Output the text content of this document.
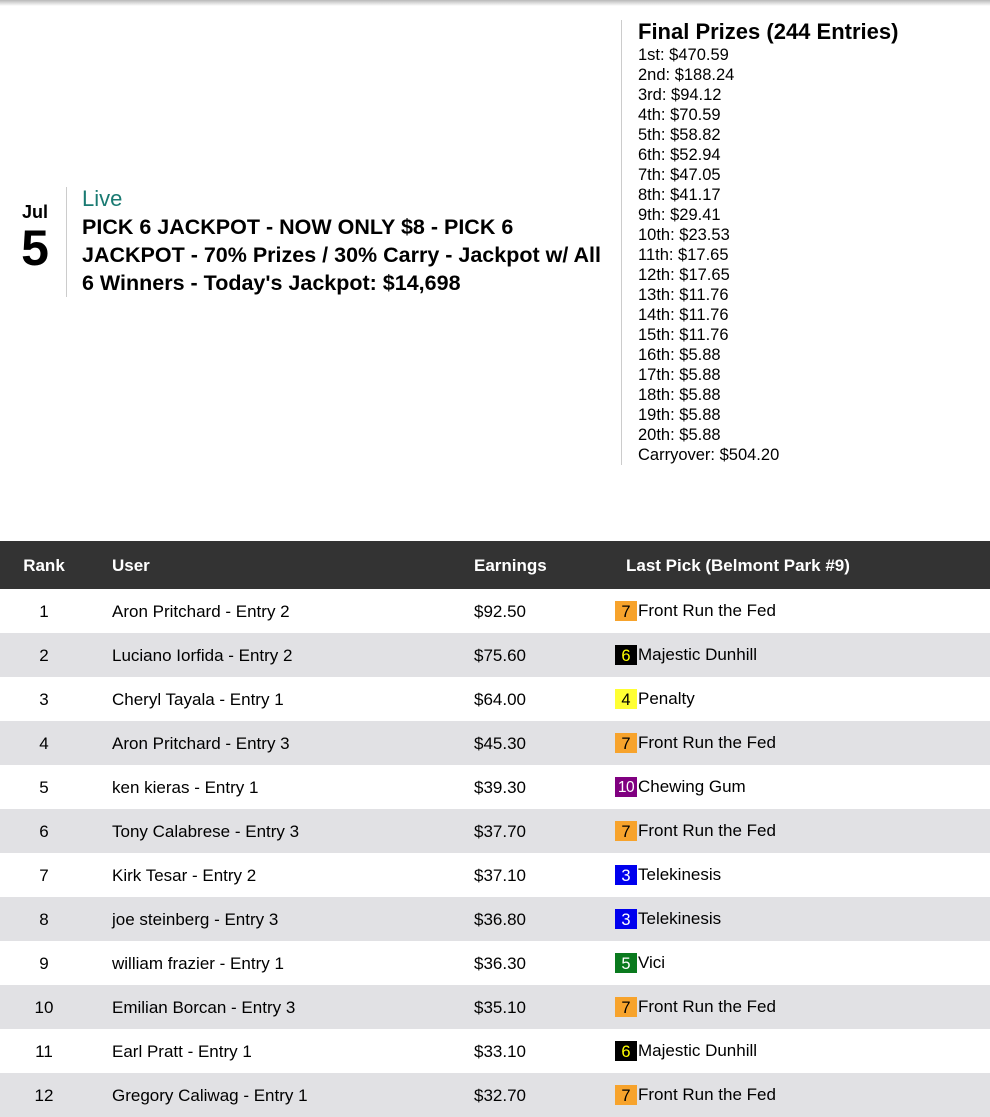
Jul
5
Live
PICK 6 JACKPOT - NOW ONLY $8 - PICK 6 JACKPOT - 70% Prizes / 30% Carry - Jackpot w/ All 6 Winners - Today's Jackpot: $14,698
Final Prizes (244 Entries)
1st: $470.59
2nd: $188.24
3rd: $94.12
4th: $70.59
5th: $58.82
6th: $52.94
7th: $47.05
8th: $41.17
9th: $29.41
10th: $23.53
11th: $17.65
12th: $17.65
13th: $11.76
14th: $11.76
15th: $11.76
16th: $5.88
17th: $5.88
18th: $5.88
19th: $5.88
20th: $5.88
Carryover: $504.20
Rank	User	Earnings	Last Pick (Belmont Park #9)
1	Aron Pritchard - Entry 2	$92.50	7 Front Run the Fed
2	Luciano Iorfida - Entry 2	$75.60	6 Majestic Dunhill
3	Cheryl Tayala - Entry 1	$64.00	4 Penalty
4	Aron Pritchard - Entry 3	$45.30	7 Front Run the Fed
5	ken kieras - Entry 1	$39.30	10 Chewing Gum
6	Tony Calabrese - Entry 3	$37.70	7 Front Run the Fed
7	Kirk Tesar - Entry 2	$37.10	3 Telekinesis
8	joe steinberg - Entry 3	$36.80	3 Telekinesis
9	william frazier - Entry 1	$36.30	5 Vici
10	Emilian Borcan - Entry 3	$35.10	7 Front Run the Fed
11	Earl Pratt - Entry 1	$33.10	6 Majestic Dunhill
12	Gregory Caliwag - Entry 1	$32.70	7 Front Run the Fed
